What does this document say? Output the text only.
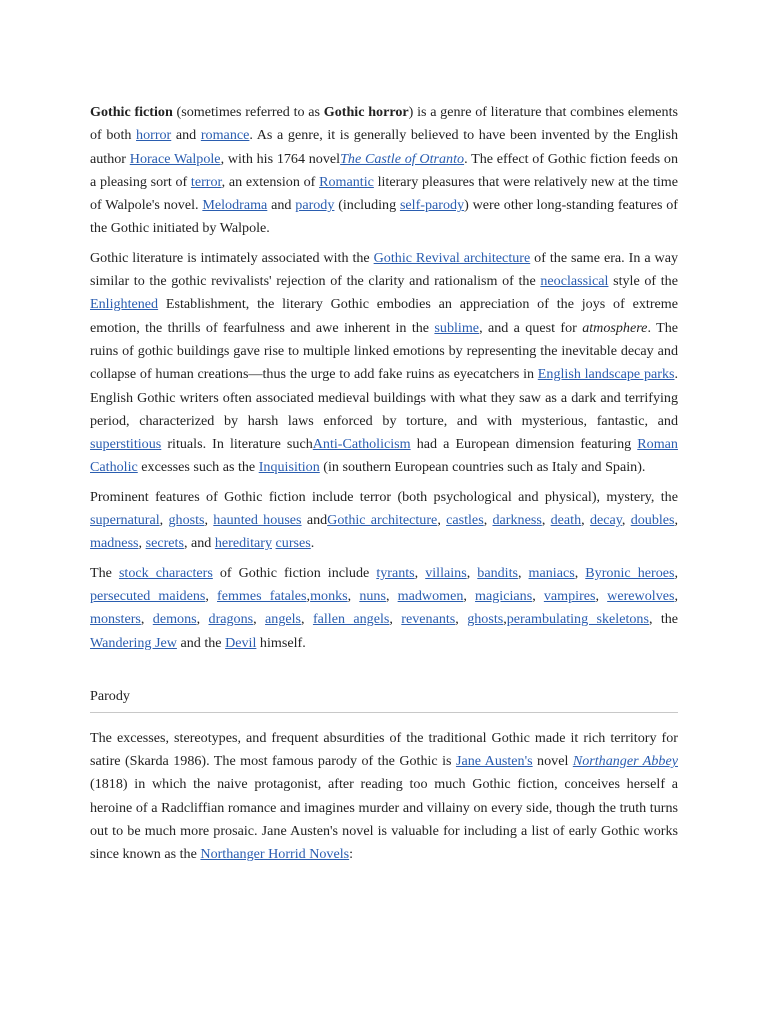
Gothic fiction (sometimes referred to as Gothic horror) is a genre of literature that combines elements of both horror and romance. As a genre, it is generally believed to have been invented by the English author Horace Walpole, with his 1764 novelThe Castle of Otranto. The effect of Gothic fiction feeds on a pleasing sort of terror, an extension of Romantic literary pleasures that were relatively new at the time of Walpole's novel. Melodrama and parody (including self-parody) were other long-standing features of the Gothic initiated by Walpole.

Gothic literature is intimately associated with the Gothic Revival architecture of the same era. In a way similar to the gothic revivalists' rejection of the clarity and rationalism of the neoclassical style of the Enlightened Establishment, the literary Gothic embodies an appreciation of the joys of extreme emotion, the thrills of fearfulness and awe inherent in the sublime, and a quest for atmosphere. The ruins of gothic buildings gave rise to multiple linked emotions by representing the inevitable decay and collapse of human creations—thus the urge to add fake ruins as eyecatchers in English landscape parks. English Gothic writers often associated medieval buildings with what they saw as a dark and terrifying period, characterized by harsh laws enforced by torture, and with mysterious, fantastic, and superstitious rituals. In literature suchAnti-Catholicism had a European dimension featuring Roman Catholic excesses such as the Inquisition (in southern European countries such as Italy and Spain).

Prominent features of Gothic fiction include terror (both psychological and physical), mystery, the supernatural, ghosts, haunted houses andGothic architecture, castles, darkness, death, decay, doubles, madness, secrets, and hereditary curses.

The stock characters of Gothic fiction include tyrants, villains, bandits, maniacs, Byronic heroes, persecuted maidens, femmes fatales,monks, nuns, madwomen, magicians, vampires, werewolves, monsters, demons, dragons, angels, fallen angels, revenants, ghosts,perambulating skeletons, the Wandering Jew and the Devil himself.

Parody

The excesses, stereotypes, and frequent absurdities of the traditional Gothic made it rich territory for satire (Skarda 1986). The most famous parody of the Gothic is Jane Austen's novel Northanger Abbey (1818) in which the naive protagonist, after reading too much Gothic fiction, conceives herself a heroine of a Radcliffian romance and imagines murder and villainy on every side, though the truth turns out to be much more prosaic. Jane Austen's novel is valuable for including a list of early Gothic works since known as the Northanger Horrid Novels:
